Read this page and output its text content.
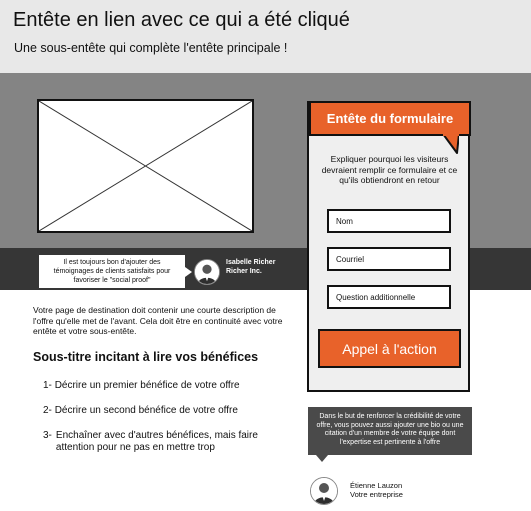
Entête en lien avec ce qui a été cliqué
Une sous-entête qui complète l'entête principale !
Il est toujours bon d'ajouter des témoignages de clients satisfaits pour favoriser le "social proof"
Isabelle Richer
Richer Inc.
Votre page de destination doit contenir une courte description de l'offre qu'elle met de l'avant. Cela doit être en continuité avec votre entête et votre sous-entête.
Sous-titre incitant à lire vos bénéfices
1- Décrire un premier bénéfice de votre offre
2- Décrire un second bénéfice de votre offre
3- Enchaîner avec d'autres bénéfices, mais faire attention pour ne pas en mettre trop
Entête du formulaire
Expliquer pourquoi les visiteurs devraient remplir ce formulaire et ce qu'ils obtiendront en retour
Nom
Courriel
Question additionnelle
Appel à l'action
Dans le but de renforcer la crédibilité de votre offre, vous pouvez aussi ajouter une bio ou une citation d'un membre de votre équipe dont l'expertise est pertinente à l'offre
Étienne Lauzon
Votre entreprise
